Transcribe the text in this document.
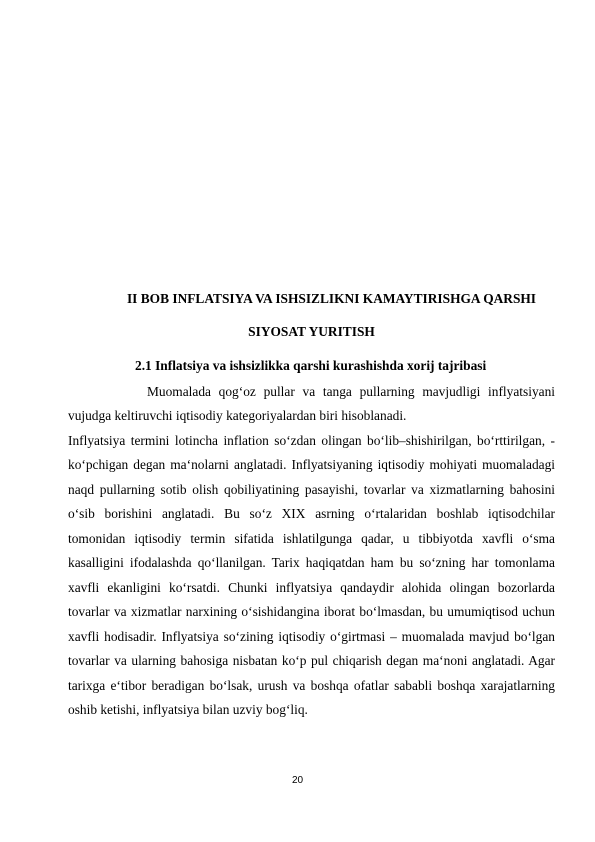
II BOB INFLATSIYA VA ISHSIZLIKNI KAMAYTIRISHGA QARSHI
SIYOSAT YURITISH
2.1 Inflatsiya va ishsizlikka qarshi kurashishda xorij tajribasi

Muomalada qog‘oz pullar va tanga pullarning mavjudligi inflyatsiyani vujudga keltiruvchi iqtisodiy kategoriyalardan biri hisoblanadi.

Inflyatsiya termini lotincha inflation so‘zdan olingan bo‘lib–shishirilgan, bo‘rttirilgan, -ko‘pchigan degan ma‘nolarni anglatadi. Inflyatsiyaning iqtisodiy mohiyati muomaladagi naqd pullarning sotib olish qobiliyatining pasayishi, tovarlar va xizmatlarning bahosini o‘sib borishini anglatadi. Bu so‘z XIX asrning o‘rtalaridan boshlab iqtisodchilar tomonidan iqtisodiy termin sifatida ishlatilgunga qadar, u tibbiyotda xavfli o‘sma kasalligini ifodalashda qo‘llanilgan. Tarix haqiqatdan ham bu so‘zning har tomonlama xavfli ekanligini ko‘rsatdi. Chunki inflyatsiya qandaydir alohida olingan bozorlarda tovarlar va xizmatlar narxining o‘sishidangina iborat bo‘lmasdan, bu umumiqtisod uchun xavfli hodisadir. Inflyatsiya so‘zining iqtisodiy o‘girtmasi – muomalada mavjud bo‘lgan tovarlar va ularning bahosiga nisbatan ko‘p pul chiqarish degan ma‘noni anglatadi. Agar tarixga e‘tibor beradigan bo‘lsak, urush va boshqa ofatlar sababli boshqa xarajatlarning oshib ketishi, inflyatsiya bilan uzviy bog‘liq.

20
